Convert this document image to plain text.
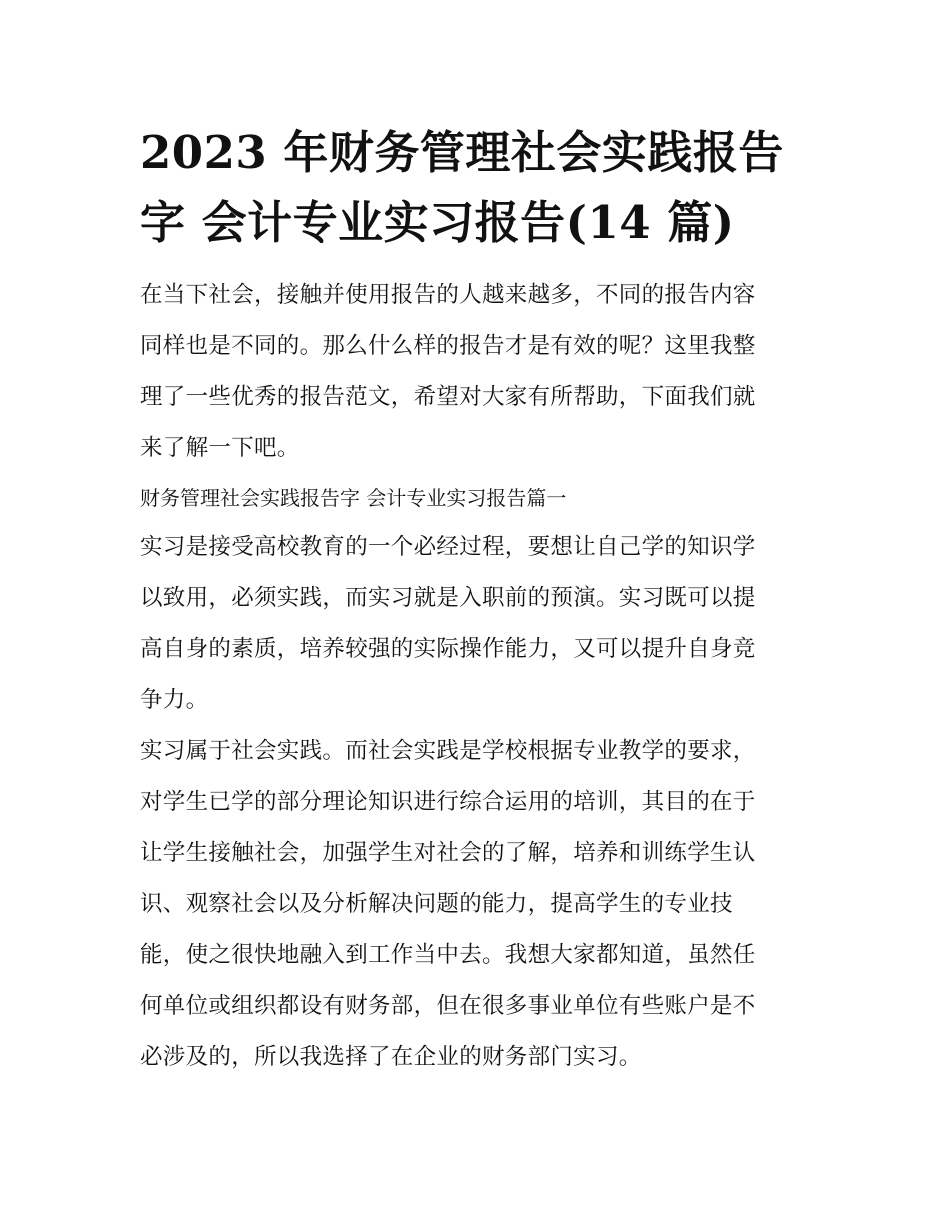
2023 年财务管理社会实践报告
字 会计专业实习报告(14 篇)

在当下社会，接触并使用报告的人越来越多，不同的报告内容
同样也是不同的。那么什么样的报告才是有效的呢？这里我整
理了一些优秀的报告范文，希望对大家有所帮助，下面我们就
来了解一下吧。

财务管理社会实践报告字 会计专业实习报告篇一

实习是接受高校教育的一个必经过程，要想让自己学的知识学
以致用，必须实践，而实习就是入职前的预演。实习既可以提
高自身的素质，培养较强的实际操作能力，又可以提升自身竞
争力。

实习属于社会实践。而社会实践是学校根据专业教学的要求，
对学生已学的部分理论知识进行综合运用的培训，其目的在于
让学生接触社会，加强学生对社会的了解，培养和训练学生认
识、观察社会以及分析解决问题的能力，提高学生的专业技
能，使之很快地融入到工作当中去。我想大家都知道，虽然任
何单位或组织都设有财务部，但在很多事业单位有些账户是不
必涉及的，所以我选择了在企业的财务部门实习。
